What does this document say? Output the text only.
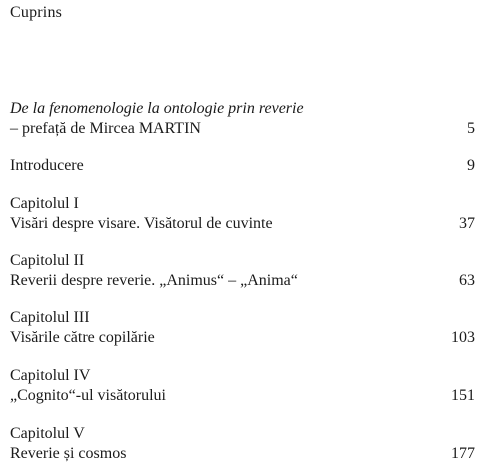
Cuprins
De la fenomenologie la ontologie prin reverie
– prefață de Mircea MARTIN	5
Introducere	9
Capitolul I
Visări despre visare. Visătorul de cuvinte	37
Capitolul II
Reverii despre reverie. „Animus“ – „Anima“	63
Capitolul III
Visările către copilărie	103
Capitolul IV
„Cognito“-ul visătorului	151
Capitolul V
Reverie și cosmos	177
